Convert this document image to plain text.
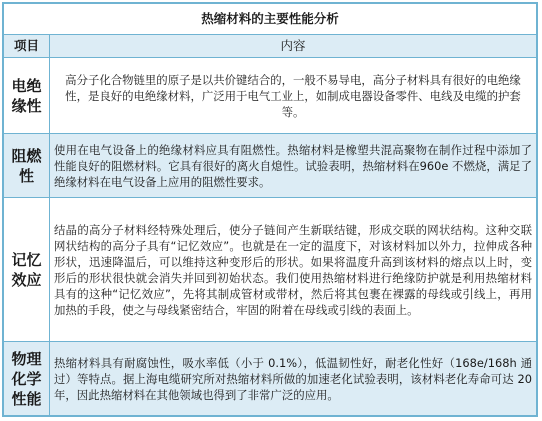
热缩材料的主要性能分析	
项目	内容
电绝缘性	高分子化合物链里的原子是以共价键结合的，一般不易导电，高分子材料具有很好的电绝缘性，是良好的电绝缘材料，广泛用于电气工业上，如制成电器设备零件、电线及电缆的护套等。

阻燃性	使用在电气设备上的绝缘材料应具有阻燃性。热缩材料是橡塑共混高聚物在制作过程中添加了性能良好的阻燃材料。它具有很好的离火自熄性。试验表明，热缩材料在960e 不燃烧，满足了绝缘材料在电气设备上应用的阻燃性要求。

记忆效应	结晶的高分子材料经特殊处理后，使分子链间产生新联结键，形成交联的网状结构。这种交联网状结构的高分子具有“记忆效应”。也就是在一定的温度下，对该材料加以外力，拉伸成各种形状，迅速降温后，可以维持这种变形后的形状。如果将温度升高到该材料的熔点以上时，变形后的形状很快就会消失并回到初始状态。我们使用热缩材料进行绝缘防护就是利用热缩材料具有的这种“记忆效应”，先将其制成管材或带材，然后将其包裹在裸露的母线或引线上，再用加热的手段，使之与母线紧密结合，牢固的附着在母线或引线的表面上。

物理化学性能	热缩材料具有耐腐蚀性，吸水率低（小于 0.1%），低温韧性好，耐老化性好（168e/168h 通过）等特点。据上海电缆研究所对热缩材料所做的加速老化试验表明，该材料老化寿命可达 20 年，因此热缩材料在其他领域也得到了非常广泛的应用。
